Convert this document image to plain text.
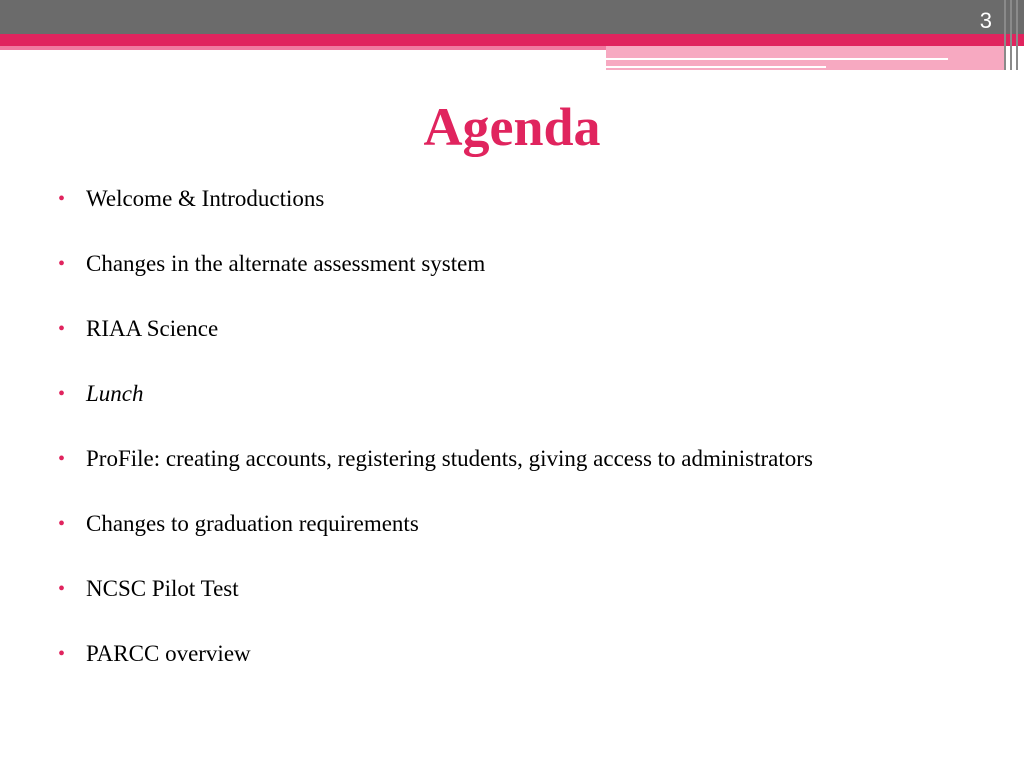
3
Agenda
• Welcome & Introductions
• Changes in the alternate assessment system
• RIAA Science
• Lunch
• ProFile: creating accounts, registering students, giving access to administrators
• Changes to graduation requirements
• NCSC Pilot Test
• PARCC overview
